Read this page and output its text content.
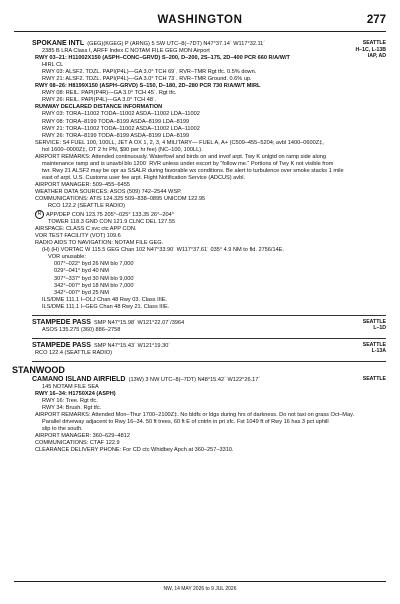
WASHINGTON	277
SEATTLE
H–1C, L‑13B
IAP, AD
SPOKANE INTL (GEG)(KGEG) P (ARNG) 5 SW UTC–8(–7DT) N47°37.14´ W117°32.11´
2385 B LRA Class I, ARFF Index C NOTAM FILE GEG MON Airport
RWY 03–21: H11002X150 (ASPH–CONC–GRVD) S–200, D–200, 2S–175, 2D–400 PCR 660 R/A/W/T
HIRL CL
RWY 03: ALSF2. TDZL. PAPI(P4L)—GA 3.0° TCH 69´. RVR–TMR Rgt tfc. 0.5% down.
RWY 21: ALSF2. TDZL. PAPI(P4L)—GA 3.0° TCH 73´. RVR–TMR Ground. 0.6% up.
RWY 08–26: H8199X150 (ASPH–GRVD) S–150, D–180, 2D–280 PCR 730 R/A/W/T MIRL
RWY 08: REIL. PAPI(P4R)—GA 3.0° TCH 45´. Rgt tfc.
RWY 26: REIL. PAPI(P4L)—GA 3.0° TCH 48´.
RUNWAY DECLARED DISTANCE INFORMATION
RWY 03: TORA–11002 TODA–11002 ASDA–11002 LDA–11002
RWY 08: TORA–8199 TODA–8199 ASDA–8199 LDA–8199
RWY 21: TORA–11002 TODA–11002 ASDA–11002 LDA–11002
RWY 26: TORA–8199 TODA–8199 ASDA–8199 LDA–8199
SERVICE: S4 FUEL 100, 100LL, JET A OX 1, 2, 3, 4 MILITARY— FUEL A, A+ (C509–455–5204; avbl 1400–0600Z‡,
hol 1600–0000Z‡, OT 2 hr PN, $90 per hr fee) (NC–100, 100LL).
AIRPORT REMARKS: Attended continuously. Waterfowl and birds on and invof arpt. Twy K unlgtd on ramp side along
maintenance ramp and is unavbl blo 1200´ RVR unless under escort by “follow me.” Portions of Twy K not visible from
twr. Rwy 21 ALSF2 may be opr as SSALR during favorable wx conditions. Be alert to turbulence over smoke stacks 1 mile
east of arpt. U.S. Customs user fee arpt. Flight Notification Service (ADCUS) avbl.
AIRPORT MANAGER: 509–455–6455
WEATHER DATA SOURCES: ASOS (509) 742–2544 WSP.
COMMUNICATIONS: ATIS 124.325 509–838–0895 UNICOM 122.95
RCO 122.2 (SEATTLE RADIO)
R APP/DEP CON 123.75 205°–025° 133.35 26°–204°
TOWER 118.3 GND CON 121.9 CLNC DEL 127.55
AIRSPACE: CLASS C svc ctc APP CON.
VOR TEST FACILITY (VOT) 109.6
RADIO AIDS TO NAVIGATION: NOTAM FILE GEG.
(H) (H) VORTAC W 115.5 GEG Chan 102 N47°33.90´ W117°37.61´ 035° 4.9 NM to fld. 2756/14E.
VOR unusable:
007°–022° byd 26 NM blo 7,000´
029°–041° byd 40 NM
307°–337° byd 30 NM blo 9,000´
342°–007° byd 18 NM blo 7,000´
342°–007° byd 25 NM
ILS/DME 111.1 I–OLJ Chan 48 Rwy 03. Class IIIE.
ILS/DME 111.1 I–GEG Chan 48 Rwy 21. Class IIIE.
SEATTLE
L–1D
STAMPEDE PASS SMP N47°15.98´ W121°22.07´/3964
ASOS 135.275 (360) 886–2758
SEATTLE
L‑13A
STAMPEDE PASS SMP N47°15.43´ W121°19.30´
RCO 122.4 (SEATTLE RADIO)
STANWOOD
SEATTLE
CAMANO ISLAND AIRFIELD (13W) 3 NW UTC–8(–7DT) N48°15.42´ W122°26.17´
145 NOTAM FILE SEA
RWY 16–34: H1750X24 (ASPH)
RWY 16: Tree. Rgt tfc.
RWY 34: Brush. Rgt tfc.
AIRPORT REMARKS: Attended Mon–Thur 1700–2100Z‡. No bldfs or ldgs during hrs of darkness. Do not taxi on grass Oct–May.
Parallel driveway adjacent to Rwy 16–34. 50 ft trees, 60 ft E of cntrln in pri sfc. Fst 1049 ft of Rwy 16 has 3 pct uphill
slip to the south.
AIRPORT MANAGER: 360–629–4812
COMMUNICATIONS: CTAF 122.9
CLEARANCE DELIVERY PHONE: For CD ctc Whidbey Apch at 360–257–3310.
NW, 14 MAY 2026 to 9 JUL 2026
